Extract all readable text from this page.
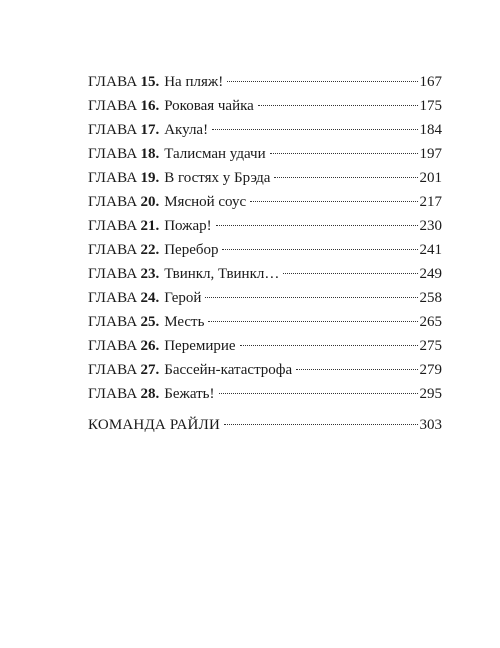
ГЛАВА 15. На пляж!	167
ГЛАВА 16. Роковая чайка	175
ГЛАВА 17. Акула!	184
ГЛАВА 18. Талисман удачи	197
ГЛАВА 19. В гостях у Брэда	201
ГЛАВА 20. Мясной соус	217
ГЛАВА 21. Пожар!	230
ГЛАВА 22. Перебор	241
ГЛАВА 23. Твинкл, Твинкл…	249
ГЛАВА 24. Герой	258
ГЛАВА 25. Месть	265
ГЛАВА 26. Перемирие	275
ГЛАВА 27. Бассейн-катастрофа	279
ГЛАВА 28. Бежать!	295
КОМАНДА РАЙЛИ	303
